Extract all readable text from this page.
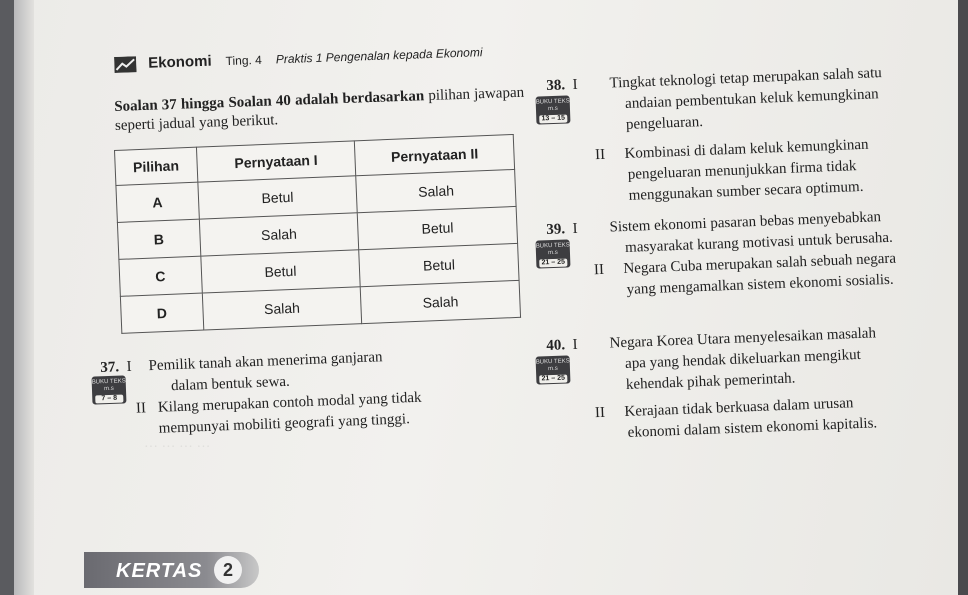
··· ··· ··· ···
Ekonomi Ting. 4 Praktis 1 Pengenalan kepada Ekonomi
Soalan 37 hingga Soalan 40 adalah berdasarkan pilihan jawapan seperti jadual yang berikut.
Pilihan	Pernyataan I	Pernyataan II
A	Betul	Salah
B	Salah	Betul
C	Betul	Betul
D	Salah	Salah
BUKU TEKS
m.s
7 – 8
37. I Pemilik tanah akan menerima ganjaran
dalam bentuk sewa.
II Kilang merupakan contoh modal yang tidak
mempunyai mobiliti geografi yang tinggi.
BUKU TEKS
m.s
13 – 15
38. I Tingkat teknologi tetap merupakan salah satu
andaian pembentukan keluk kemungkinan
pengeluaran.
II Kombinasi di dalam keluk kemungkinan
pengeluaran menunjukkan firma tidak
menggunakan sumber secara optimum.
BUKU TEKS
m.s
21 – 25
39. I Sistem ekonomi pasaran bebas menyebabkan
masyarakat kurang motivasi untuk berusaha.
II Negara Cuba merupakan salah sebuah negara
yang mengamalkan sistem ekonomi sosialis.
BUKU TEKS
m.s
21 – 25
40. I Negara Korea Utara menyelesaikan masalah
apa yang hendak dikeluarkan mengikut
kehendak pihak pemerintah.
II Kerajaan tidak berkuasa dalam urusan
ekonomi dalam sistem ekonomi kapitalis.
KERTAS	2
